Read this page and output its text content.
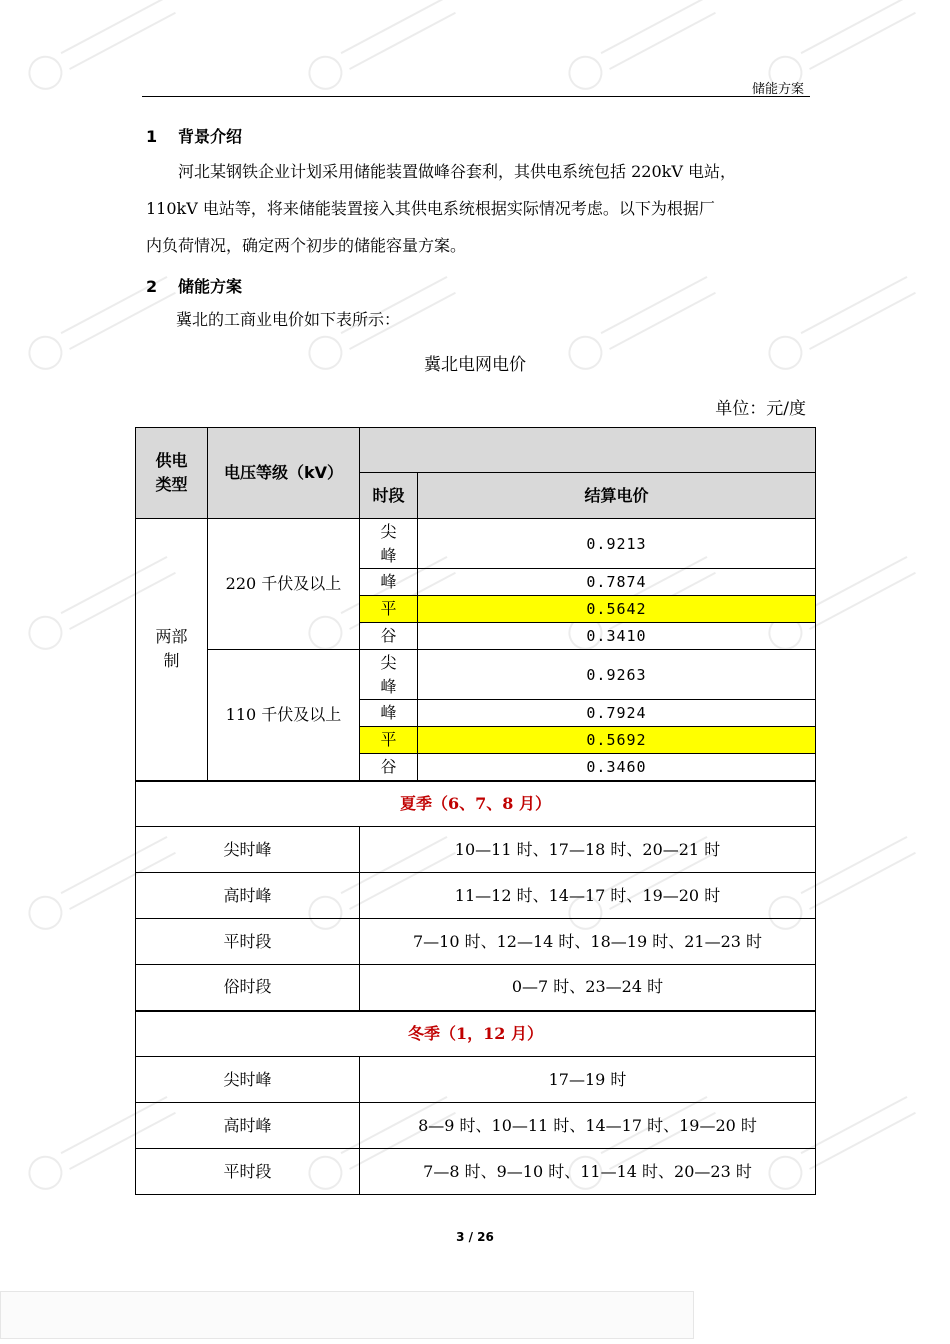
储能方案
1 背景介绍
河北某钢铁企业计划采用储能装置做峰谷套利，其供电系统包括 220kV 电站，
110kV 电站等，将来储能装置接入其供电系统根据实际情况考虑。以下为根据厂
内负荷情况，确定两个初步的储能容量方案。
2 储能方案
冀北的工商业电价如下表所示：
冀北电网电价
单位：元/度
供电类型	电压等级（kV）		
		时段	结算电价
两部制	220 千伏及以上	尖峰	0.9213
		峰	0.7874
		平	0.5642
		谷	0.3410
	110 千伏及以上	尖峰	0.9263
		峰	0.7924
		平	0.5692
		谷	0.3460
夏季（6、7、8 月）			
尖时峰		10—11 时、17—18 时、20—21 时	
高时峰		11—12 时、14—17 时、19—20 时	
平时段		7—10 时、12—14 时、18—19 时、21—23 时	
俗时段		0—7 时、23—24 时	
冬季（1，12 月）			
尖时峰		17—19 时	
高时峰		8—9 时、10—11 时、14—17 时、19—20 时	
平时段		7—8 时、9—10 时、11—14 时、20—23 时	
3 / 26
